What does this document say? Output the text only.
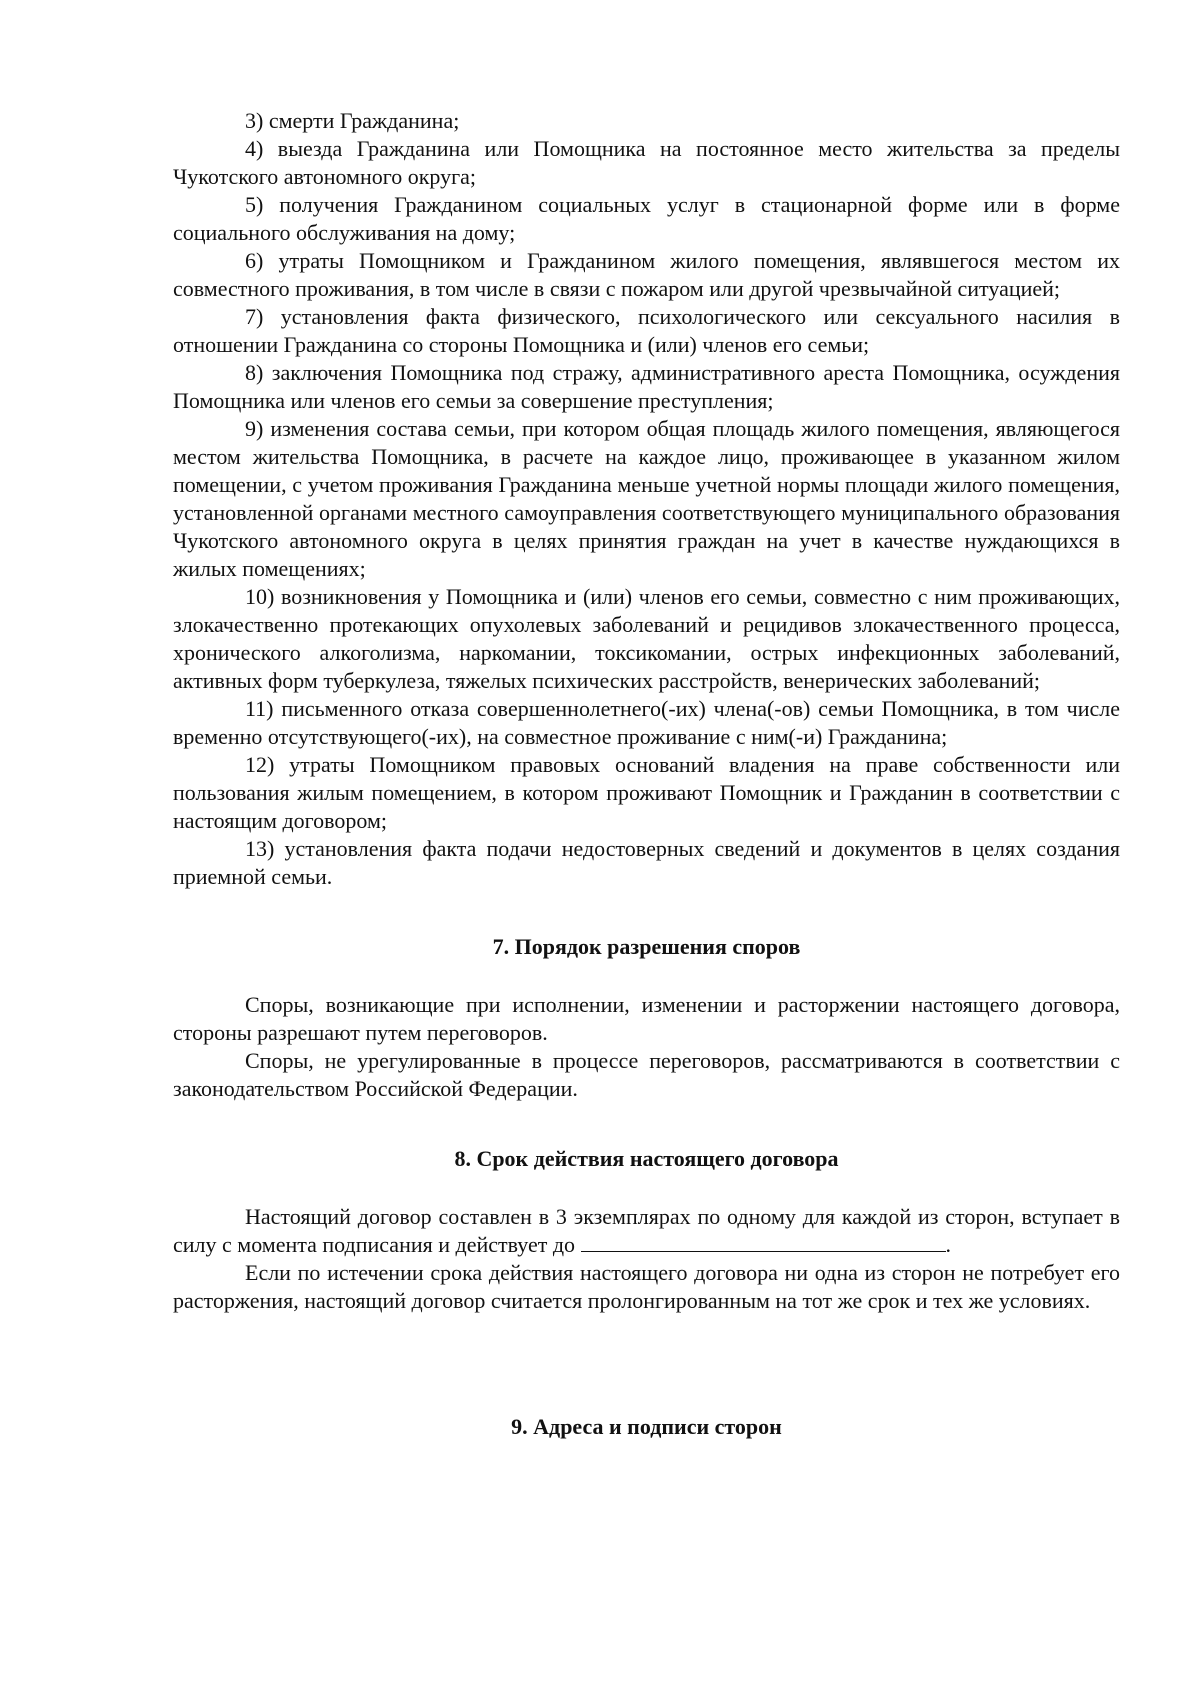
3) смерти Гражданина;

4) выезда Гражданина или Помощника на постоянное место жительства за пределы Чукотского автономного округа;

5) получения Гражданином социальных услуг в стационарной форме или в форме социального обслуживания на дому;

6) утраты Помощником и Гражданином жилого помещения, являвшегося местом их совместного проживания, в том числе в связи с пожаром или другой чрезвычайной ситуацией;

7) установления факта физического, психологического или сексуального насилия в отношении Гражданина со стороны Помощника и (или) членов его семьи;

8) заключения Помощника под стражу, административного ареста Помощника, осуждения Помощника или членов его семьи за совершение преступления;

9) изменения состава семьи, при котором общая площадь жилого помещения, являющегося местом жительства Помощника, в расчете на каждое лицо, проживающее в указанном жилом помещении, с учетом проживания Гражданина меньше учетной нормы площади жилого помещения, установленной органами местного самоуправления соответствующего муниципального образования Чукотского автономного округа в целях принятия граждан на учет в качестве нуждающихся в жилых помещениях;

10) возникновения у Помощника и (или) членов его семьи, совместно с ним проживающих, злокачественно протекающих опухолевых заболеваний и рецидивов злокачественного процесса, хронического алкоголизма, наркомании, токсикомании, острых инфекционных заболеваний, активных форм туберкулеза, тяжелых психических расстройств, венерических заболеваний;

11) письменного отказа совершеннолетнего(-их) члена(-ов) семьи Помощника, в том числе временно отсутствующего(-их), на совместное проживание с ним(-и) Гражданина;

12) утраты Помощником правовых оснований владения на праве собственности или пользования жилым помещением, в котором проживают Помощник и Гражданин в соответствии с настоящим договором;

13) установления факта подачи недостоверных сведений и документов в целях создания приемной семьи.

7. Порядок разрешения споров

Споры, возникающие при исполнении, изменении и расторжении настоящего договора, стороны разрешают путем переговоров.

Споры, не урегулированные в процессе переговоров, рассматриваются в соответствии с законодательством Российской Федерации.

8. Срок действия настоящего договора

Настоящий договор составлен в 3 экземплярах по одному для каждой из сторон, вступает в силу с момента подписания и действует до	.

Если по истечении срока действия настоящего договора ни одна из сторон не потребует его расторжения, настоящий договор считается пролонгированным на тот же срок и тех же условиях.

9. Адреса и подписи сторон
